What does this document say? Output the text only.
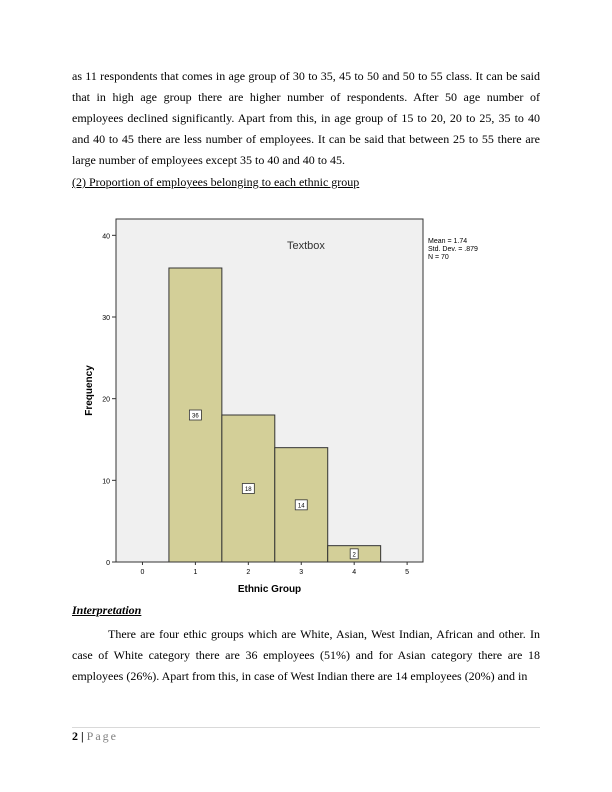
as 11 respondents that comes in age group of 30 to 35, 45 to 50 and 50 to 55 class. It can be said that in high age group there are higher number of respondents. After 50 age number of employees declined significantly. Apart from this, in age group of 15 to 20, 20 to 25, 35 to 40 and 40 to 45 there are less number of employees. It can be said that between 25 to 55 there are large number of employees except 35 to 40 and 40 to 45.

(2) Proportion of employees belonging to each ethnic group

0
10
20
30
40
0	1	2	3	4	5
36
18
14
2
Textbox
Ethnic Group
Frequency
Mean = 1.74
Std. Dev. = .879
N = 70

Interpretation

There are four ethic groups which are White, Asian, West Indian, African and other. In case of White category there are 36 employees (51%) and for Asian category there are 18 employees (26%). Apart from this, in case of West Indian there are 14 employees (20%) and in

2 | Page
